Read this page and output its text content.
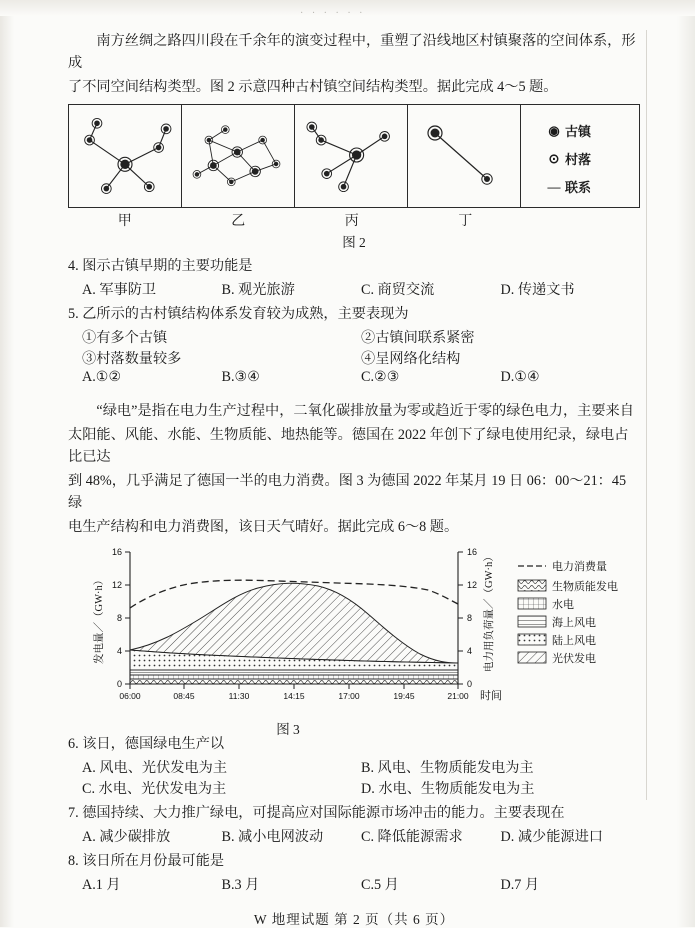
· · · · · ·

南方丝绸之路四川段在千余年的演变过程中，重塑了沿线地区村镇聚落的空间体系，形成

了不同空间结构类型。图 2 示意四种古村镇空间结构类型。据此完成 4～5 题。

◉ 古镇
⊙ 村落
— 联系
甲	乙	丙	丁
图 2

4. 图示古镇早期的主要功能是

A. 军事防卫	B. 观光旅游	C. 商贸交流	D. 传递文书

5. 乙所示的古村镇结构体系发育较为成熟，主要表现为

①有多个古镇	②古镇间联系紧密
③村落数量较多	④呈网络化结构
A.①②	B.③④	C.②③	D.①④

“绿电”是指在电力生产过程中，二氧化碳排放量为零或趋近于零的绿色电力，主要来自

太阳能、风能、水能、生物质能、地热能等。德国在 2022 年创下了绿电使用纪录，绿电占比已达

到 48%，几乎满足了德国一半的电力消费。图 3 为德国 2022 年某月 19 日 06：00～21：45 绿

电生产结构和电力消费图，该日天气晴好。据此完成 6～8 题。

0
4
8
12
16
0
4
8
12
16
06:00	08:45	11:30	14:15	17:00	19:45	21:00 时间
发电量／（GW·h）	电力用负荷量／（GW·h）	电力消费量
生物质能发电
水电
海上风电
陆上风电
光伏发电
图 3

6. 该日，德国绿电生产以

A. 风电、光伏发电为主	B. 风电、生物质能发电为主
C. 水电、光伏发电为主	D. 水电、生物质能发电为主

7. 德国持续、大力推广绿电，可提高应对国际能源市场冲击的能力。主要表现在

A. 减少碳排放	B. 减小电网波动	C. 降低能源需求	D. 减少能源进口

8. 该日所在月份最可能是

A.1 月	B.3 月	C.5 月	D.7 月
W 地理试题 第 2 页（共 6 页）
